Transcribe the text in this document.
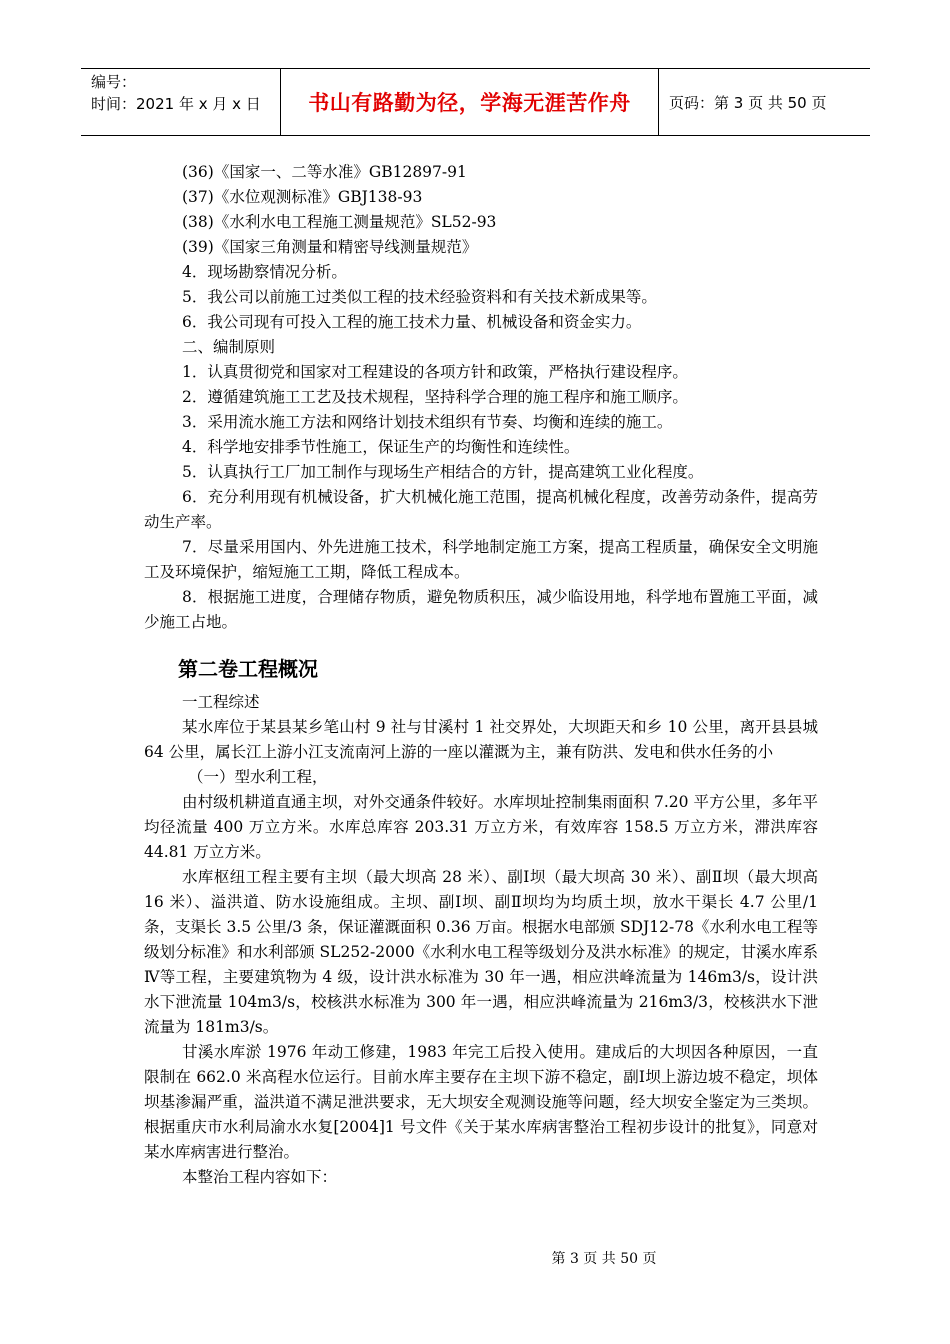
编号：
时间：2021 年 x 月 x 日	书山有路勤为径，学海无涯苦作舟	页码：第 3 页 共 50 页

(36)《国家一、二等水准》GB12897-91

(37)《水位观测标准》GBJ138-93

(38)《水利水电工程施工测量规范》SL52-93

(39)《国家三角测量和精密导线测量规范》

4．现场勘察情况分析。

5．我公司以前施工过类似工程的技术经验资料和有关技术新成果等。

6．我公司现有可投入工程的施工技术力量、机械设备和资金实力。

二、编制原则

1．认真贯彻党和国家对工程建设的各项方针和政策，严格执行建设程序。

2．遵循建筑施工工艺及技术规程，坚持科学合理的施工程序和施工顺序。

3．采用流水施工方法和网络计划技术组织有节奏、均衡和连续的施工。

4．科学地安排季节性施工，保证生产的均衡性和连续性。

5．认真执行工厂加工制作与现场生产相结合的方针，提高建筑工业化程度。

6．充分利用现有机械设备，扩大机械化施工范围，提高机械化程度，改善劳动条件，提高劳动生产率。

7．尽量采用国内、外先进施工技术，科学地制定施工方案，提高工程质量，确保安全文明施工及环境保护，缩短施工工期，降低工程成本。

8．根据施工进度，合理储存物质，避免物质积压，减少临设用地，科学地布置施工平面，减少施工占地。

第二卷工程概况

一工程综述

某水库位于某县某乡笔山村 9 社与甘溪村 1 社交界处，大坝距天和乡 10 公里，离开县县城 64 公里，属长江上游小江支流南河上游的一座以灌溉为主，兼有防洪、发电和供水任务的小

（一）型水利工程，

由村级机耕道直通主坝，对外交通条件较好。水库坝址控制集雨面积 7.20 平方公里，多年平均径流量 400 万立方米。水库总库容 203.31 万立方米，有效库容 158.5 万立方米，滞洪库容 44.81 万立方米。

水库枢纽工程主要有主坝（最大坝高 28 米）、副Ⅰ坝（最大坝高 30 米）、副Ⅱ坝（最大坝高 16 米）、溢洪道、防水设施组成。主坝、副Ⅰ坝、副Ⅱ坝均为均质土坝，放水干渠长 4.7 公里/1 条，支渠长 3.5 公里/3 条，保证灌溉面积 0.36 万亩。根据水电部颁 SDJ12-78《水利水电工程等级划分标准》和水利部颁 SL252-2000《水利水电工程等级划分及洪水标准》的规定，甘溪水库系Ⅳ等工程，主要建筑物为 4 级，设计洪水标准为 30 年一遇，相应洪峰流量为 146m3/s，设计洪水下泄流量 104m3/s，校核洪水标准为 300 年一遇，相应洪峰流量为 216m3/3，校核洪水下泄流量为 181m3/s。

甘溪水库淤 1976 年动工修建，1983 年完工后投入使用。建成后的大坝因各种原因，一直限制在 662.0 米高程水位运行。目前水库主要存在主坝下游不稳定，副Ⅰ坝上游边坡不稳定，坝体坝基渗漏严重，溢洪道不满足泄洪要求，无大坝安全观测设施等问题，经大坝安全鉴定为三类坝。根据重庆市水利局渝水水复[2004]1 号文件《关于某水库病害整治工程初步设计的批复》，同意对某水库病害进行整治。

本整治工程内容如下：

第 3 页 共 50 页
